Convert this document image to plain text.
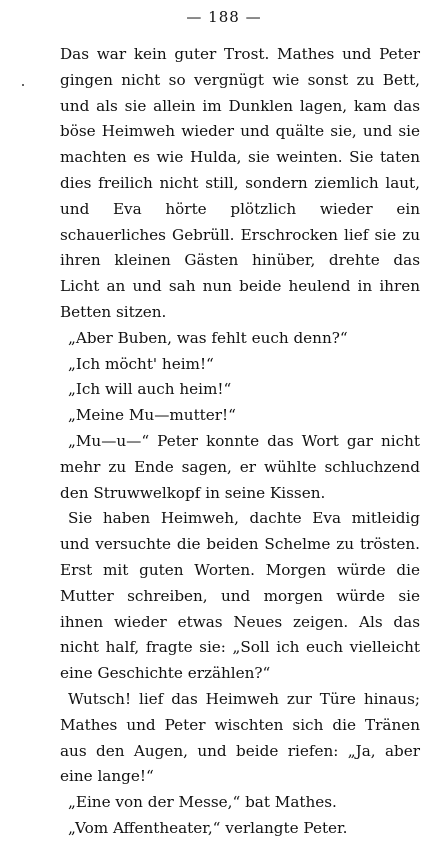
— 188 —

Das war kein guter Trost. Mathes und Peter gingen nicht so vergnügt wie sonst zu Bett, und als sie allein im Dunklen lagen, kam das böse Heimweh wieder und quälte sie, und sie machten es wie Hulda, sie weinten. Sie taten dies freilich nicht still, sondern ziemlich laut, und Eva hörte plötzlich wieder ein schauerliches Gebrüll. Erschrocken lief sie zu ihren kleinen Gästen hinüber, drehte das Licht an und sah nun beide heulend in ihren Betten sitzen.

„Aber Buben, was fehlt euch denn?“

„Ich möcht' heim!“

„Ich will auch heim!“

„Meine Mu—mutter!“

„Mu—u—“ Peter konnte das Wort gar nicht mehr zu Ende sagen, er wühlte schluchzend den Struwwelkopf in seine Kissen.

Sie haben Heimweh, dachte Eva mitleidig und versuchte die beiden Schelme zu trösten. Erst mit guten Worten. Morgen würde die Mutter schreiben, und morgen würde sie ihnen wieder etwas Neues zeigen. Als das nicht half, fragte sie: „Soll ich euch vielleicht eine Geschichte erzählen?“

Wutsch! lief das Heimweh zur Türe hinaus; Mathes und Peter wischten sich die Tränen aus den Augen, und beide riefen: „Ja, aber eine lange!“

„Eine von der Messe,“ bat Mathes.

„Vom Affentheater,“ verlangte Peter.
